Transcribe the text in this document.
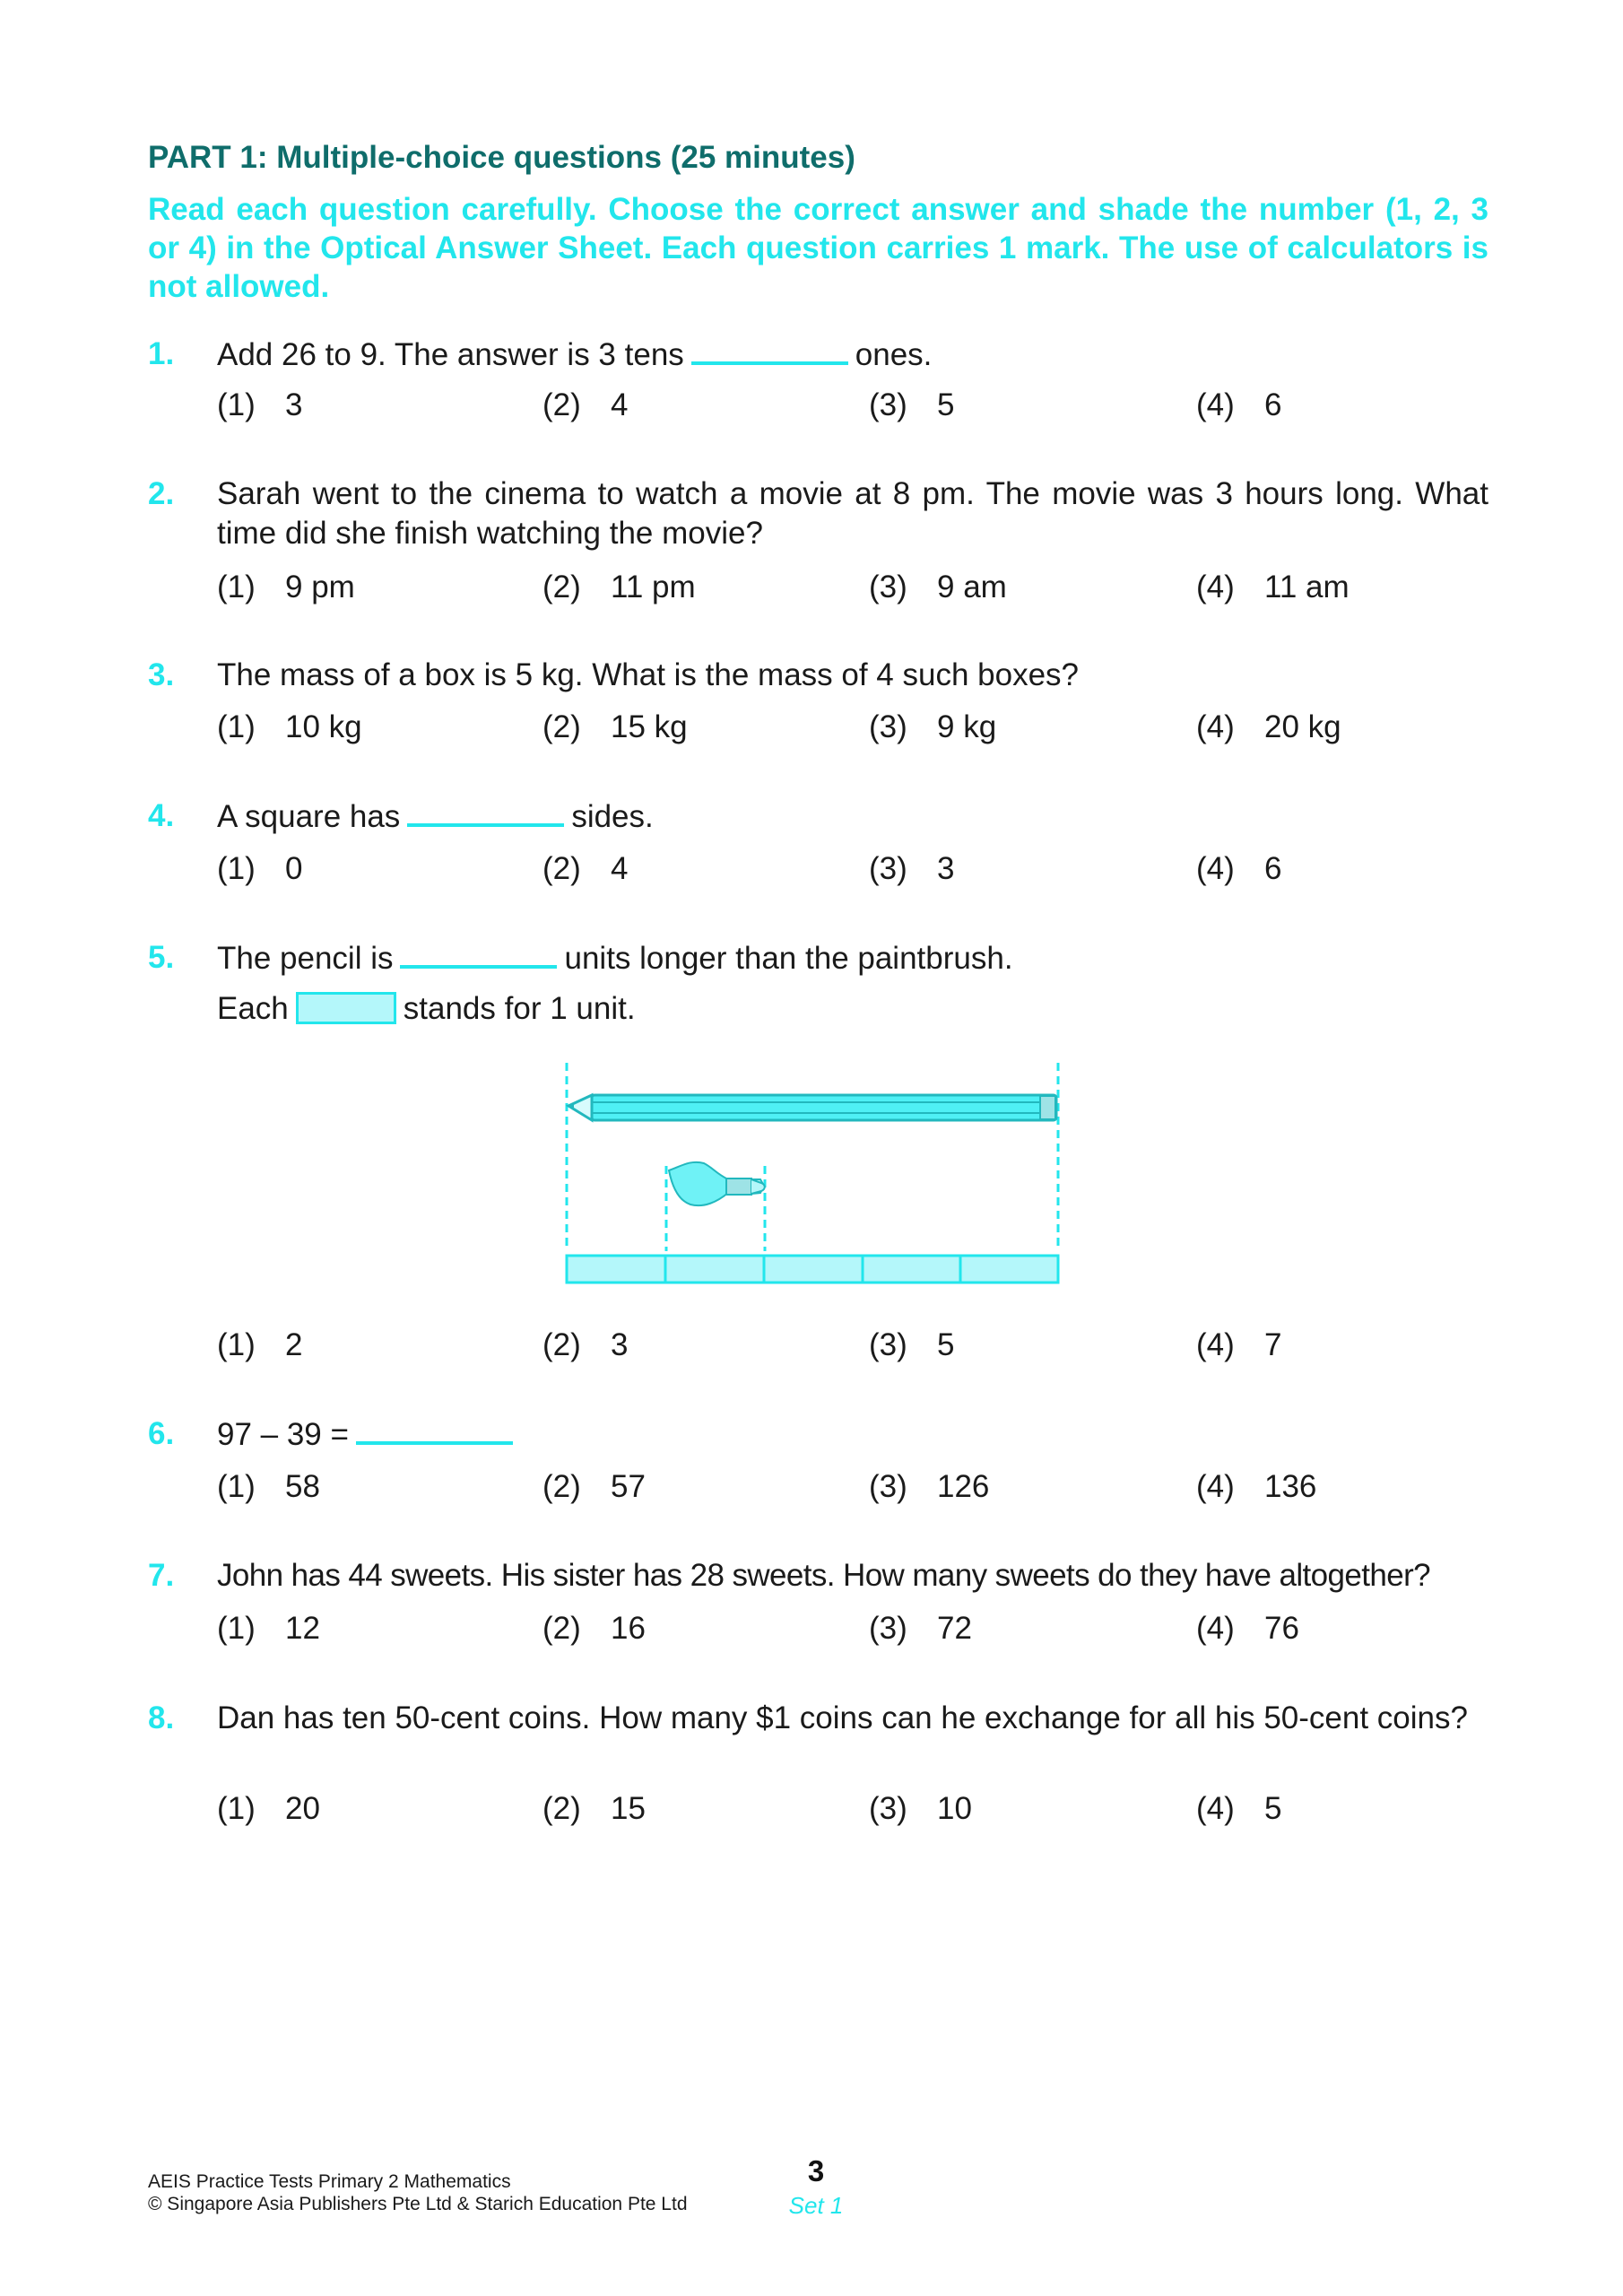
PART 1: Multiple-choice questions (25 minutes)
Read each question carefully. Choose the correct answer and shade the number (1, 2, 3 or 4) in the Optical Answer Sheet. Each question carries 1 mark. The use of calculators is not allowed.
1. Add 26 to 9. The answer is 3 tens	ones.
(1) 3	(2) 4	(3) 5	(4) 6
2. Sarah went to the cinema to watch a movie at 8 pm. The movie was 3 hours long. What time did she finish watching the movie?
(1) 9 pm	(2) 11 pm	(3) 9 am	(4) 11 am
3. The mass of a box is 5 kg. What is the mass of 4 such boxes?
(1) 10 kg	(2) 15 kg	(3) 9 kg	(4) 20 kg
4. A square has	sides.
(1) 0	(2) 4	(3) 3	(4) 6
5. The pencil is	units longer than the paintbrush.
Each	stands for 1 unit.
(1) 2	(2) 3	(3) 5	(4) 7
6. 97 – 39 =
(1) 58	(2) 57	(3) 126	(4) 136
7. John has 44 sweets. His sister has 28 sweets. How many sweets do they have altogether?
(1) 12	(2) 16	(3) 72	(4) 76
8. Dan has ten 50-cent coins. How many $1 coins can he exchange for all his 50-cent coins?
(1) 20	(2) 15	(3) 10	(4) 5
AEIS Practice Tests Primary 2 Mathematics
© Singapore Asia Publishers Pte Ltd & Starich Education Pte Ltd
3
Set 1
